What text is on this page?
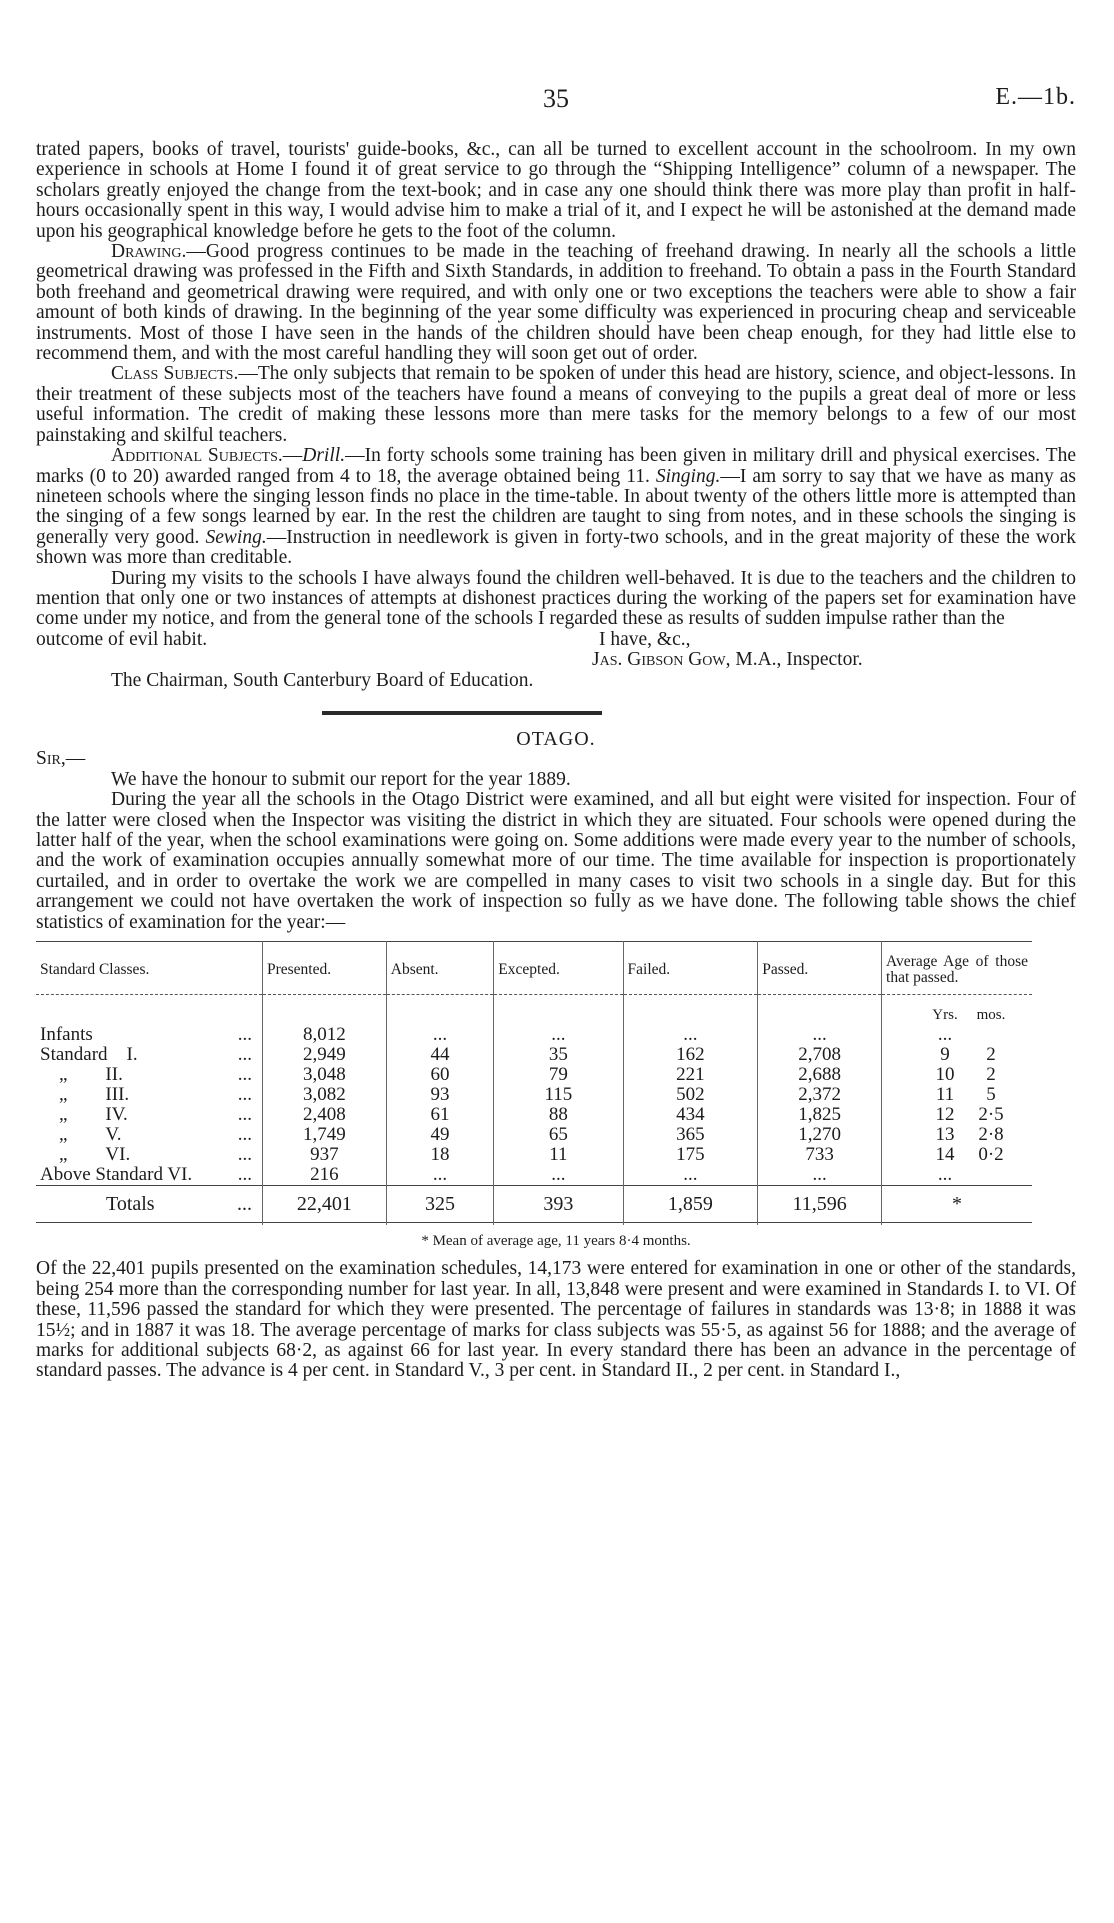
35	E.—1b.

trated papers, books of travel, tourists' guide-books, &c., can all be turned to excellent account in the schoolroom. In my own experience in schools at Home I found it of great service to go through the “Shipping Intelligence” column of a newspaper. The scholars greatly enjoyed the change from the text-book; and in case any one should think there was more play than profit in half-hours occasionally spent in this way, I would advise him to make a trial of it, and I expect he will be astonished at the demand made upon his geographical knowledge before he gets to the foot of the column.

Drawing.—Good progress continues to be made in the teaching of freehand drawing. In nearly all the schools a little geometrical drawing was professed in the Fifth and Sixth Standards, in addition to freehand. To obtain a pass in the Fourth Standard both freehand and geometrical drawing were required, and with only one or two exceptions the teachers were able to show a fair amount of both kinds of drawing. In the beginning of the year some difficulty was experienced in procuring cheap and serviceable instruments. Most of those I have seen in the hands of the children should have been cheap enough, for they had little else to recommend them, and with the most careful handling they will soon get out of order.

Class Subjects.—The only subjects that remain to be spoken of under this head are history, science, and object-lessons. In their treatment of these subjects most of the teachers have found a means of conveying to the pupils a great deal of more or less useful information. The credit of making these lessons more than mere tasks for the memory belongs to a few of our most painstaking and skilful teachers.

Additional Subjects.—Drill.—In forty schools some training has been given in military drill and physical exercises. The marks (0 to 20) awarded ranged from 4 to 18, the average obtained being 11. Singing.—I am sorry to say that we have as many as nineteen schools where the singing lesson finds no place in the time-table. In about twenty of the others little more is attempted than the singing of a few songs learned by ear. In the rest the children are taught to sing from notes, and in these schools the singing is generally very good. Sewing.—Instruction in needlework is given in forty-two schools, and in the great majority of these the work shown was more than creditable.

During my visits to the schools I have always found the children well-behaved. It is due to the teachers and the children to mention that only one or two instances of attempts at dishonest practices during the working of the papers set for examination have come under my notice, and from the general tone of the schools I regarded these as results of sudden impulse rather than the

outcome of evil habit.	I have, &c.,

Jas. Gibson Gow, M.A., Inspector.

The Chairman, South Canterbury Board of Education.

OTAGO.

Sir,—

We have the honour to submit our report for the year 1889.

During the year all the schools in the Otago District were examined, and all but eight were visited for inspection. Four of the latter were closed when the Inspector was visiting the district in which they are situated. Four schools were opened during the latter half of the year, when the school examinations were going on. Some additions were made every year to the number of schools, and the work of examination occupies annually somewhat more of our time. The time available for inspection is proportionately curtailed, and in order to overtake the work we are compelled in many cases to visit two schools in a single day. But for this arrangement we could not have overtaken the work of inspection so fully as we have done. The following table shows the chief statistics of examination for the year:—

Standard Classes.	Presented.	Absent.	Excepted.	Failed.	Passed.	Average Age of those that passed.
						Yrs. mos.
Infants ...	8,012	...	...	...	...	...
Standard I. ...	2,949	44	35	162	2,708	9 2
 „  II. ...	3,048	60	79	221	2,688	10 2
 „  III. ...	3,082	93	115	502	2,372	11 5
 „  IV. ...	2,408	61	88	434	1,825	12 2·5
 „  V. ...	1,749	49	65	365	1,270	13 2·8
 „  VI. ...	937	18	11	175	733	14 0·2
Above Standard VI. ...	216	...	...	...	...	...
Totals ...	22,401	325	393	1,859	11,596	*

* Mean of average age, 11 years 8·4 months.

Of the 22,401 pupils presented on the examination schedules, 14,173 were entered for examination in one or other of the standards, being 254 more than the corresponding number for last year. In all, 13,848 were present and were examined in Standards I. to VI. Of these, 11,596 passed the standard for which they were presented. The percentage of failures in standards was 13·8; in 1888 it was 15½; and in 1887 it was 18. The average percentage of marks for class subjects was 55·5, as against 56 for 1888; and the average of marks for additional subjects 68·2, as against 66 for last year. In every standard there has been an advance in the percentage of standard passes. The advance is 4 per cent. in Standard V., 3 per cent. in Standard II., 2 per cent. in Standard I.,
